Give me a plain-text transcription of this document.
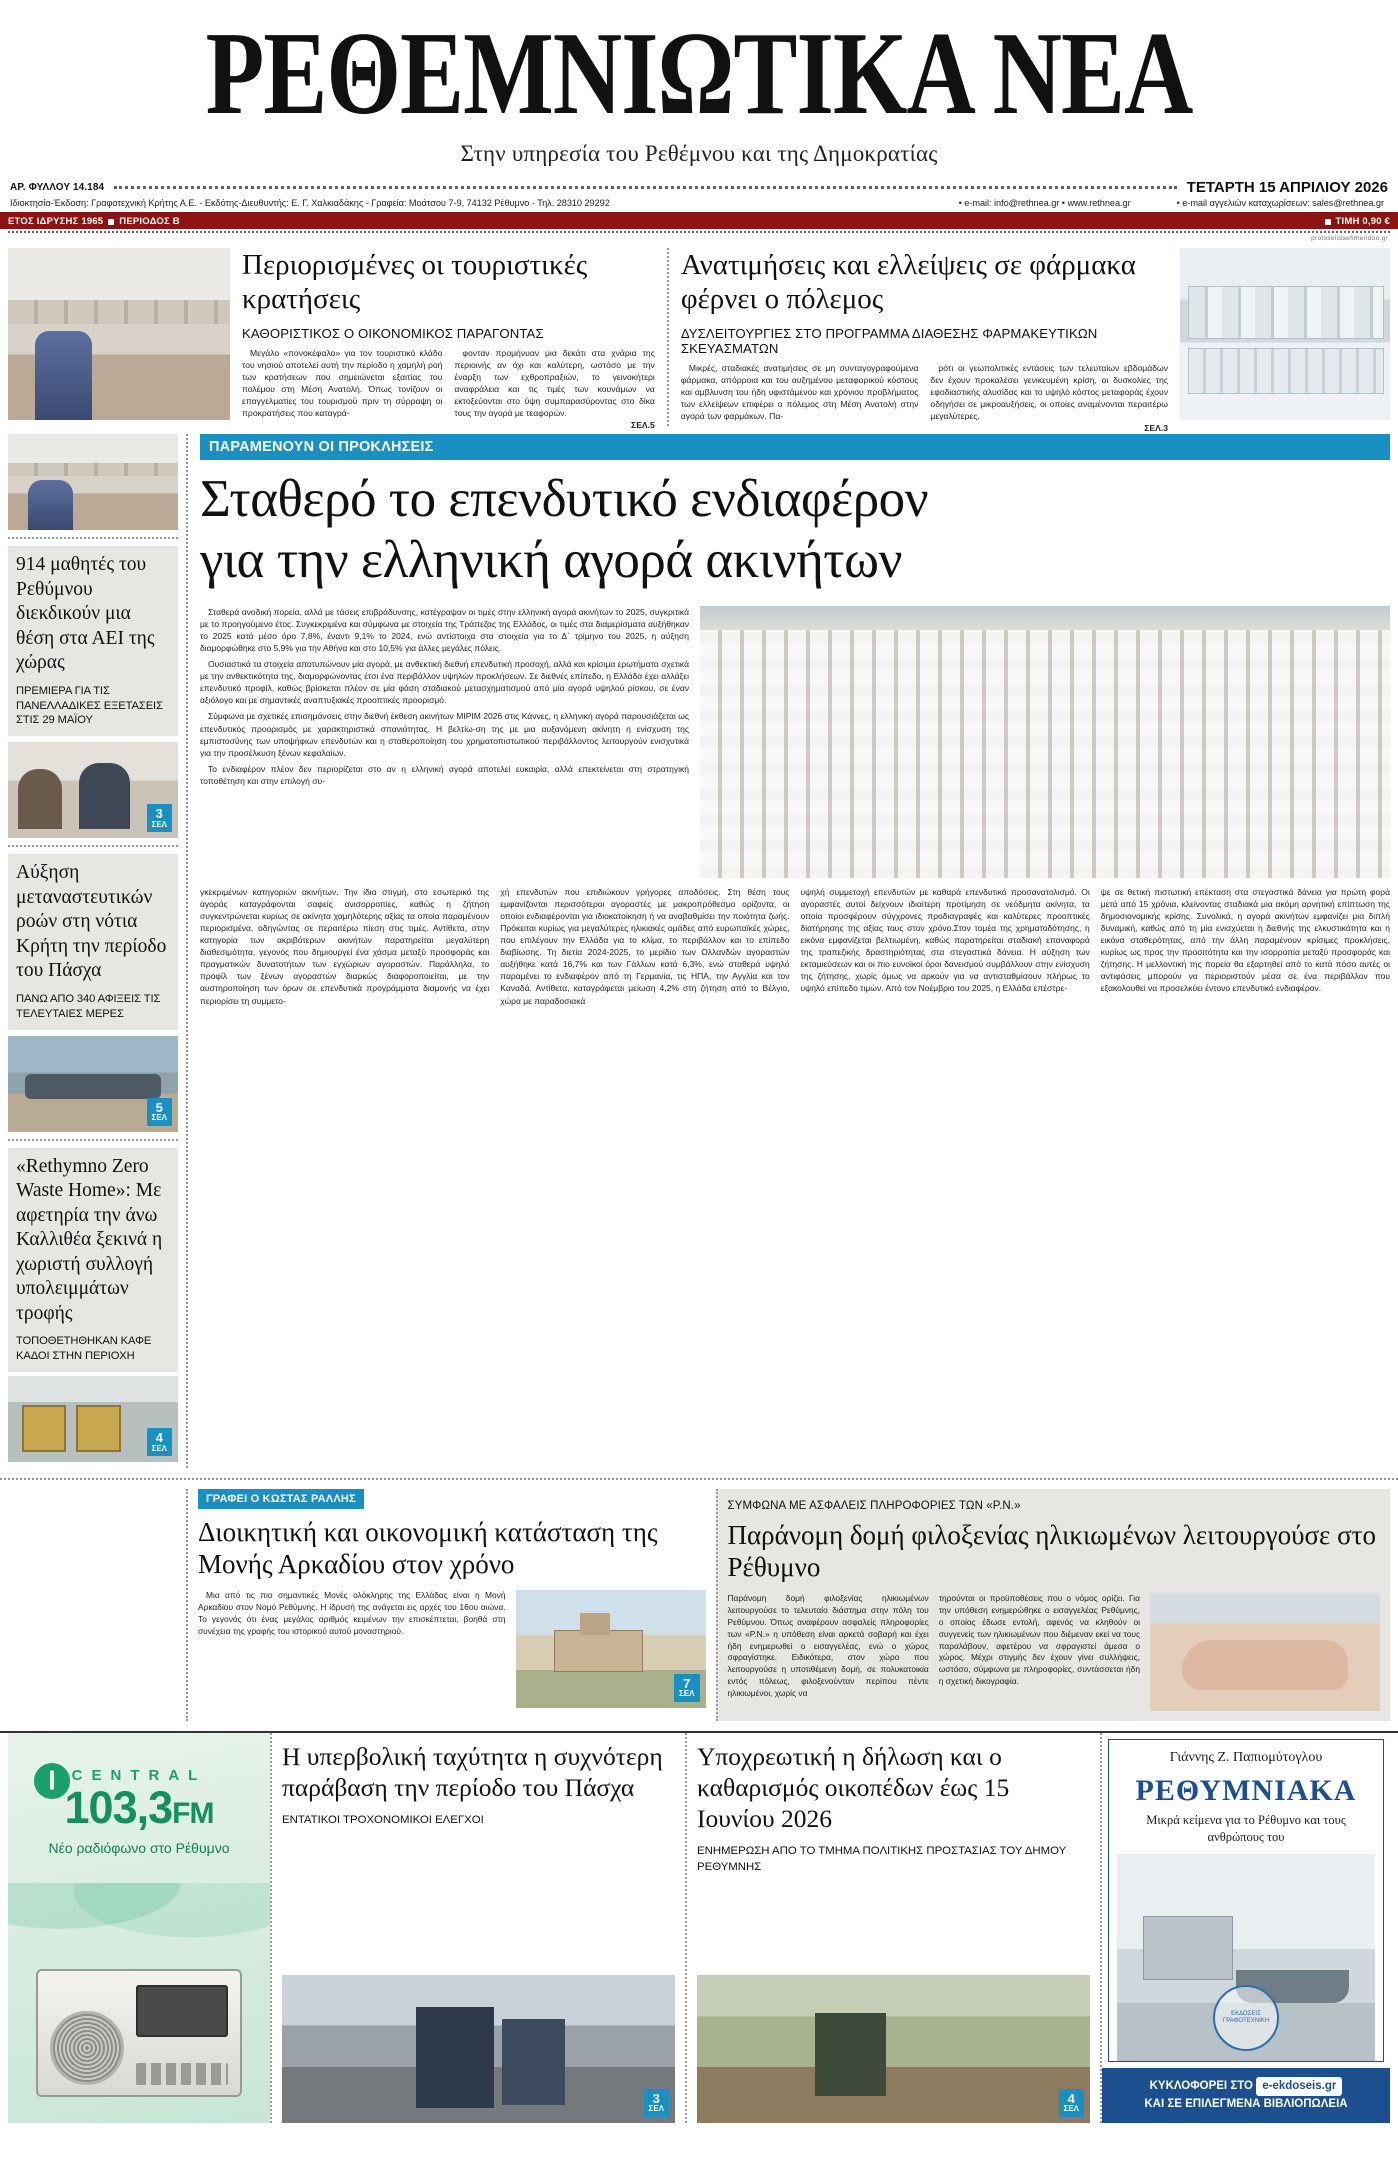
ΡΕΘΕΜΝΙΩΤΙΚΑ ΝΕΑ
Στην υπηρεσία του Ρεθέμνου και της Δημοκρατίας
ΑΡ. ΦΥΛΛΟΥ 14.184	ΤΕΤΑΡΤΗ 15 ΑΠΡΙΛΙΟΥ 2026
Ιδιοκτησία-Έκδοση: Γραφοτεχνική Κρήτης Α.Ε. - Εκδότης-Διευθυντής: Ε. Γ. Χαλκιαδάκης - Γραφεία: Μοάτσου 7-9, 74132 Ρέθυμνο - Τηλ. 28310 29292	• e-mail: info@rethnea.gr • www.rethnea.gr	• e-mail αγγελιών καταχωρίσεων: sales@rethnea.gr
ΕΤΟΣ ΙΔΡΥΣΗΣ 1965 ΠΕΡΙΟΔΟΣ Β	ΤΙΜΗ 0,90 €
protoselidaefimeridon.gr
Περιορισμένες οι τουριστικές κρατήσεις
ΚΑΘΟΡΙΣΤΙΚΟΣ Ο ΟΙΚΟΝΟΜΙΚΟΣ ΠΑΡΑΓΟΝΤΑΣ

Μεγάλο «πονοκέφαλο» για τον τουριστικό κλάδο του νησιού αποτελεί αυτή την περίοδο η χαμηλή ροή των κρατήσεων που σημειώνεται εξαιτίας του πολέμου στη Μέση Ανατολή. Όπως τονίζουν οι επαγγελματίες του τουρισμού πριν τη σύρραψη οι προκρατήσεις που καταγρά-

φονταν προμήνυαν μια δεκάτι στα χνάρια της περιοινής αν όχι και καλύτερη, ωστόσο με την έναρξη των εχθροπραξιών, το γεινοκήτερι αναφράλεια και τις τιμές των κουνάμων να εκτοξεύονται στο ύψη συμπαρασύροντας στο δίκα τους την αγορά με τεαφορών.

ΣΕΛ.5

Ανατιμήσεις και ελλείψεις σε φάρμακα φέρνει ο πόλεμος
ΔΥΣΛΕΙΤΟΥΡΓΙΕΣ ΣΤΟ ΠΡΟΓΡΑΜΜΑ ΔΙΑΘΕΣΗΣ ΦΑΡΜΑΚΕΥΤΙΚΩΝ ΣΚΕΥΑΣΜΑΤΩΝ

Μικρές, σταδιακές ανατιμήσεις σε μη συνταγογραφούμενα φάρμακα, απόρροια και του αυξημένου μεταφορικού κόστους και αμβλυνση του ήδη υφιστάμενου και χρόνιου προβλήματος των ελλείψεων επιφέρει ο πόλεμος στη Μέση Ανατολή στην αγορά των φαρμάκων. Πα-

ρότι οι γεωπολιτικές εντάσεις των τελευταίων εβδομάδων δεν έχουν προκαλέσει γενικευμένη κρίση, οι δυσκολίες της εφοδιαστικής αλυσίδας και το υψηλό κόστος μεταφοράς έχουν οδηγήσει σε μικροαυξήσεις, οι οποίες αναμένονται περαιτέρω μεγαλύτερες.

ΣΕΛ.3

914 μαθητές του Ρεθύμνου διεκδικούν μια θέση στα ΑΕΙ της χώρας
ΠΡΕΜΙΕΡΑ ΓΙΑ ΤΙΣ ΠΑΝΕΛΛΑΔΙΚΕΣ ΕΞΕΤΑΣΕΙΣ ΣΤΙΣ 29 ΜΑΪΟΥ
3
ΣΕΛ
Αύξηση μεταναστευτικών ροών στη νότια Κρήτη την περίοδο του Πάσχα
ΠΑΝΩ ΑΠΟ 340 ΑΦΙΞΕΙΣ ΤΙΣ ΤΕΛΕΥΤΑΙΕΣ ΜΕΡΕΣ
5
ΣΕΛ
«Rethymno Zero Waste Home»: Με αφετηρία την άνω Καλλιθέα ξεκινά η χωριστή συλλογή υπολειμμάτων τροφής
ΤΟΠΟΘΕΤΗΘΗΚΑΝ ΚΑΦΕ ΚΑΔΟΙ ΣΤΗΝ ΠΕΡΙΟΧΗ
4
ΣΕΛ
ΠΑΡΑΜΕΝΟΥΝ ΟΙ ΠΡΟΚΛΗΣΕΙΣ
Σταθερό το επενδυτικό ενδιαφέρον
για την ελληνική αγορά ακινήτων

Σταθερά ανοδική πορεία, αλλά με τάσεις επιβράδυνσης, κατέγραψαν οι τιμές στην ελληνική αγορά ακινήτων το 2025, συγκριτικά με το προηγούμενο έτος. Συγκεκριμένα και σύμφωνα με στοιχεία της Τράπεζας της Ελλάδος, οι τιμές στα διαμερίσματα αυξήθηκαν το 2025 κατά μέσο όρο 7,8%, έναντι 9,1% το 2024, ενώ αντίστοιχα στα στοιχεία για το Δ΄ τρίμηνο του 2025, η αύξηση διαμορφώθηκε στο 5,9% για την Αθήνα και στο 10,5% για άλλες μεγάλες πόλεις.

Ουσιαστικά τα στοιχεία αποτυπώνουν μία αγορά, με ανθεκτική διεθνή επενδυτική προσοχή, αλλά και κρίσιμα ερωτήματα σχετικά με την ανθεκτικότητα της, διαμορφώνοντας έτσι ένα περιβάλλον υψηλών προκλήσεων. Σε διεθνές επίπεδο, η Ελλάδα έχει αλλάξει επενδυτικό προφίλ, καθώς βρίσκεται πλέον σε μία φάση σταδιακού μετασχηματισμού από μία αγορά υψηλού ρίσκου, σε έναν αξιόλογο και με σημαντικές αναπτυξιακές προοπτικές προορισμό.

Σύμφωνα με σχετικές επισημάνσεις στην διεθνή έκθεση ακινήτων MIPIM 2026 στις Κάννες, η ελληνική αγορά παρουσιάζεται ως επενδυτικός προορισμός με χαρακτηριστικά σπανιότητας. Η βελτίω-ση της με μια αυξανόμενη ακίνητη η ενίσχυση της εμπιστοσύνης των υποψήφιων επενδυτών και η σταθεροποίηση του χρηματοπιστωτικού περιβάλλοντος λειτουργούν ενισχυτικά για την προσέλκυση ξένων κεφαλαίων.

Το ενδιαφέρον πλέον δεν περιορίζεται στο αν η ελληνική αγορά αποτελεί ευκαιρία, αλλά επεκτείνεται στη στρατηγική τοποθέτηση και στην επιλογή συ-

γκεκριμένων κατηγοριών ακινήτων. Την ίδια στιγμή, στο εσωτερικό της αγοράς καταγράφονται σαφείς ανισορροπίες, καθώς η ζήτηση συγκεντρώνεται κυρίως σε ακίνητα χαμηλότερης αξίας τα οποία παραμένουν περιορισμένα, οδηγώντας σε περαιτέρω πίεση στις τιμές. Αντίθετα, στην κατηγορία των ακριβότερων ακινήτων παρατηρείται μεγαλύτερη διαθεσιμότητα, γεγονός που δημιουργεί ένα χάσμα μεταξύ προσφοράς και πραγματικών δυνατοτήτων των εγχώριων αγοραστών. Παράλληλα, το προφίλ των ξένων αγοραστών διαρκώς διαφοροποιείται, με την αυστηροποίηση των όρων σε επενδυτικά προγράμματα διαμονής να έχει περιορίσει τη συμμετο-
χή επενδυτών που επιδιώκουν γρήγορες αποδόσεις. Στη θέση τους εμφανίζονται περισσότεροι αγοραστές με μακροπρόθεσμο ορίζοντα, οι οποίοι ενδιαφέρονται για ιδιοκατοίκηση ή να αναβαθμίσει την ποιότητα ζωής. Πρόκειται κυρίως για μεγαλύτερες ηλικιακές ομάδες από ευρωπαϊκές χώρες, που επιλέγουν την Ελλάδα για το κλίμα, το περιβάλλον και το επίπεδο διαβίωσης. Τη διετία 2024-2025, το μερίδιο των Ολλανδών αγοραστών αυξήθηκε κατά 16,7% και των Γάλλων κατά 6,3%, ενώ σταθερά υψηλό παραμένει το ενδιαφέρον από τη Γερμανία, τις ΗΠΑ, την Αγγλία και τον Καναδά. Αντίθετα, καταγράφεται μείωση 4,2% στη ζήτηση από το Βέλγιο, χώρα με παραδοσιακά
υψηλή συμμετοχή επενδυτών με καθαρά επενδυτικό προσανατολισμό. Οι αγοραστές αυτοί δείχνουν ιδιαίτερη προτίμηση σε νεόδμητα ακίνητα, τα οποία προσφέρουν σύγχρονες προδιαγραφές και καλύτερες προοπτικές διατήρησης της αξίας τους στον χρόνο.Στον τομέα της χρηματοδότησης, η εικόνα εμφανίζεται βελτιωμένη, καθώς παρατηρείται σταδιακή επαναφορά της τραπεζικής δραστηριότητας στα στεγαστικά δάνεια. Η αύξηση των εκταμιεύσεων και οι πιο ευνοϊκοί όροι δανεισμού συμβάλλουν στην ενίσχυση της ζήτησης, χωρίς όμως να αρκούν για να αντισταθμίσουν πλήρως το υψηλό επίπεδο τιμών. Από τον Νοέμβριο του 2025, η Ελλάδα επέστρε-
ψε σε θετική πιστωτική επέκταση στα στεγαστικά δάνεια για πρώτη φορά μετά από 15 χρόνια, κλείνοντας σταδιακά μια ακόμη αρνητική επίπτωση της δημοσιονομικής κρίσης. Συνολικά, η αγορά ακινήτων εμφανίζει μια διπλή δυναμική, καθώς από τη μία ενισχύεται η διεθνής της ελκυστικότητα και η εικόνα σταθερότητας, από την άλλη παραμένουν κρίσιμες προκλήσεις, κυρίως ως προς την προσιτότητα και την ισορροπία μεταξύ προσφοράς και ζήτησης. Η μελλοντική της πορεία θα εξαρτηθεί από το κατά πόσο αυτές οι αντιφάσεις μπορούν να περιοριστούν μέσα σε ένα περιβάλλον που εξακολουθεί να προσελκύει έντονο επενδυτικό ενδιαφέρον.
ΓΡΑΦΕΙ Ο ΚΩΣΤΑΣ ΡΑΛΛΗΣ
Διοικητική και οικονομική κατάσταση της Μονής Αρκαδίου στον χρόνο

Μια από τις πιο σημαντικές Μονές ολόκληρης της Ελλάδας είναι η Μονή Αρκαδίου στον Νομό Ρεθύμνης. Η ίδρυσή της ανάγεται εις αρχές του 16ου αιώνα. Το γεγονός ότι ένας μεγάλος αριθμός κειμένων την επισκέπτεται, βοηθά στη συνέχεια της γραφής του ιστορικού αυτού μοναστηριού.

7
ΣΕΛ
ΣΥΜΦΩΝΑ ΜΕ ΑΣΦΑΛΕΙΣ ΠΛΗΡΟΦΟΡΙΕΣ ΤΩΝ «P.N.»
Παράνομη δομή φιλοξενίας ηλικιωμένων λειτουργούσε στο Ρέθυμνο
Παράνομη δομή φιλοξενίας ηλικιωμένων λειτουργούσε το τελευταίο διάστημα στην πόλη του Ρεθύμνου. Όπως αναφέρουν ασφαλείς πληροφορίες των «P.N.» η υπόθεση είναι αρκετά σοβαρή και έχει ήδη ενημερωθεί ο εισαγγελέας, ενώ ο χώρος σφραγίστηκε. Ειδικότερα, στον χώρο που λειτουργούσε η υποτιθέμενη δομή, σε πολυκατοικία εντός πόλεως, φιλοξενούνταν περίπου πέντε ηλικιωμένοι, χωρίς να
τηρούνται οι προϋποθέσεις που ο νόμος ορίζει. Για την υπόθεση ενημερώθηκε ο εισαγγελέας Ρεθύμνης, ο οποίος έδωσε εντολή, αφενός να κληθούν οι συγγενείς των ηλικιωμένων που διέμεναν εκεί να τους παραλάβουν, αφετέρου να σφραγιστεί άμεσα ο χώρος. Μέχρι στιγμής δεν έχουν γίνει συλλήψεις, ωστόσο, σύμφωνα με πληροφορίες, συντάσσεται ήδη η σχετική δικογραφία.
CENTRAL
103,3FM
Νέο ραδιόφωνο στο Ρέθυμνο
Η υπερβολική ταχύτητα η συχνότερη παράβαση την περίοδο του Πάσχα
ΕΝΤΑΤΙΚΟΙ ΤΡΟΧΟΝΟΜΙΚΟΙ ΕΛΕΓΧΟΙ
3
ΣΕΛ
Υποχρεωτική η δήλωση και ο καθαρισμός οικοπέδων έως 15 Ιουνίου 2026
ΕΝΗΜΕΡΩΣΗ ΑΠΟ ΤΟ ΤΜΗΜΑ ΠΟΛΙΤΙΚΗΣ ΠΡΟΣΤΑΣΙΑΣ ΤΟΥ ΔΗΜΟΥ ΡΕΘΥΜΝΗΣ
4
ΣΕΛ
Γιάννης Ζ. Παπιομύτογλου
ΡΕΘΥΜΝΙΑΚΑ
Μικρά κείμενα για το Ρέθυμνο και τους ανθρώπους του
ΕΚΔΟΣΕΙΣ ΓΡΑΦΟΤΕΧΝΙΚΗ
ΚΥΚΛΟΦΟΡΕΙ ΣΤΟ e-ekdoseis.gr
ΚΑΙ ΣΕ ΕΠΙΛΕΓΜΕΝΑ ΒΙΒΛΙΟΠΩΛΕΙΑ
